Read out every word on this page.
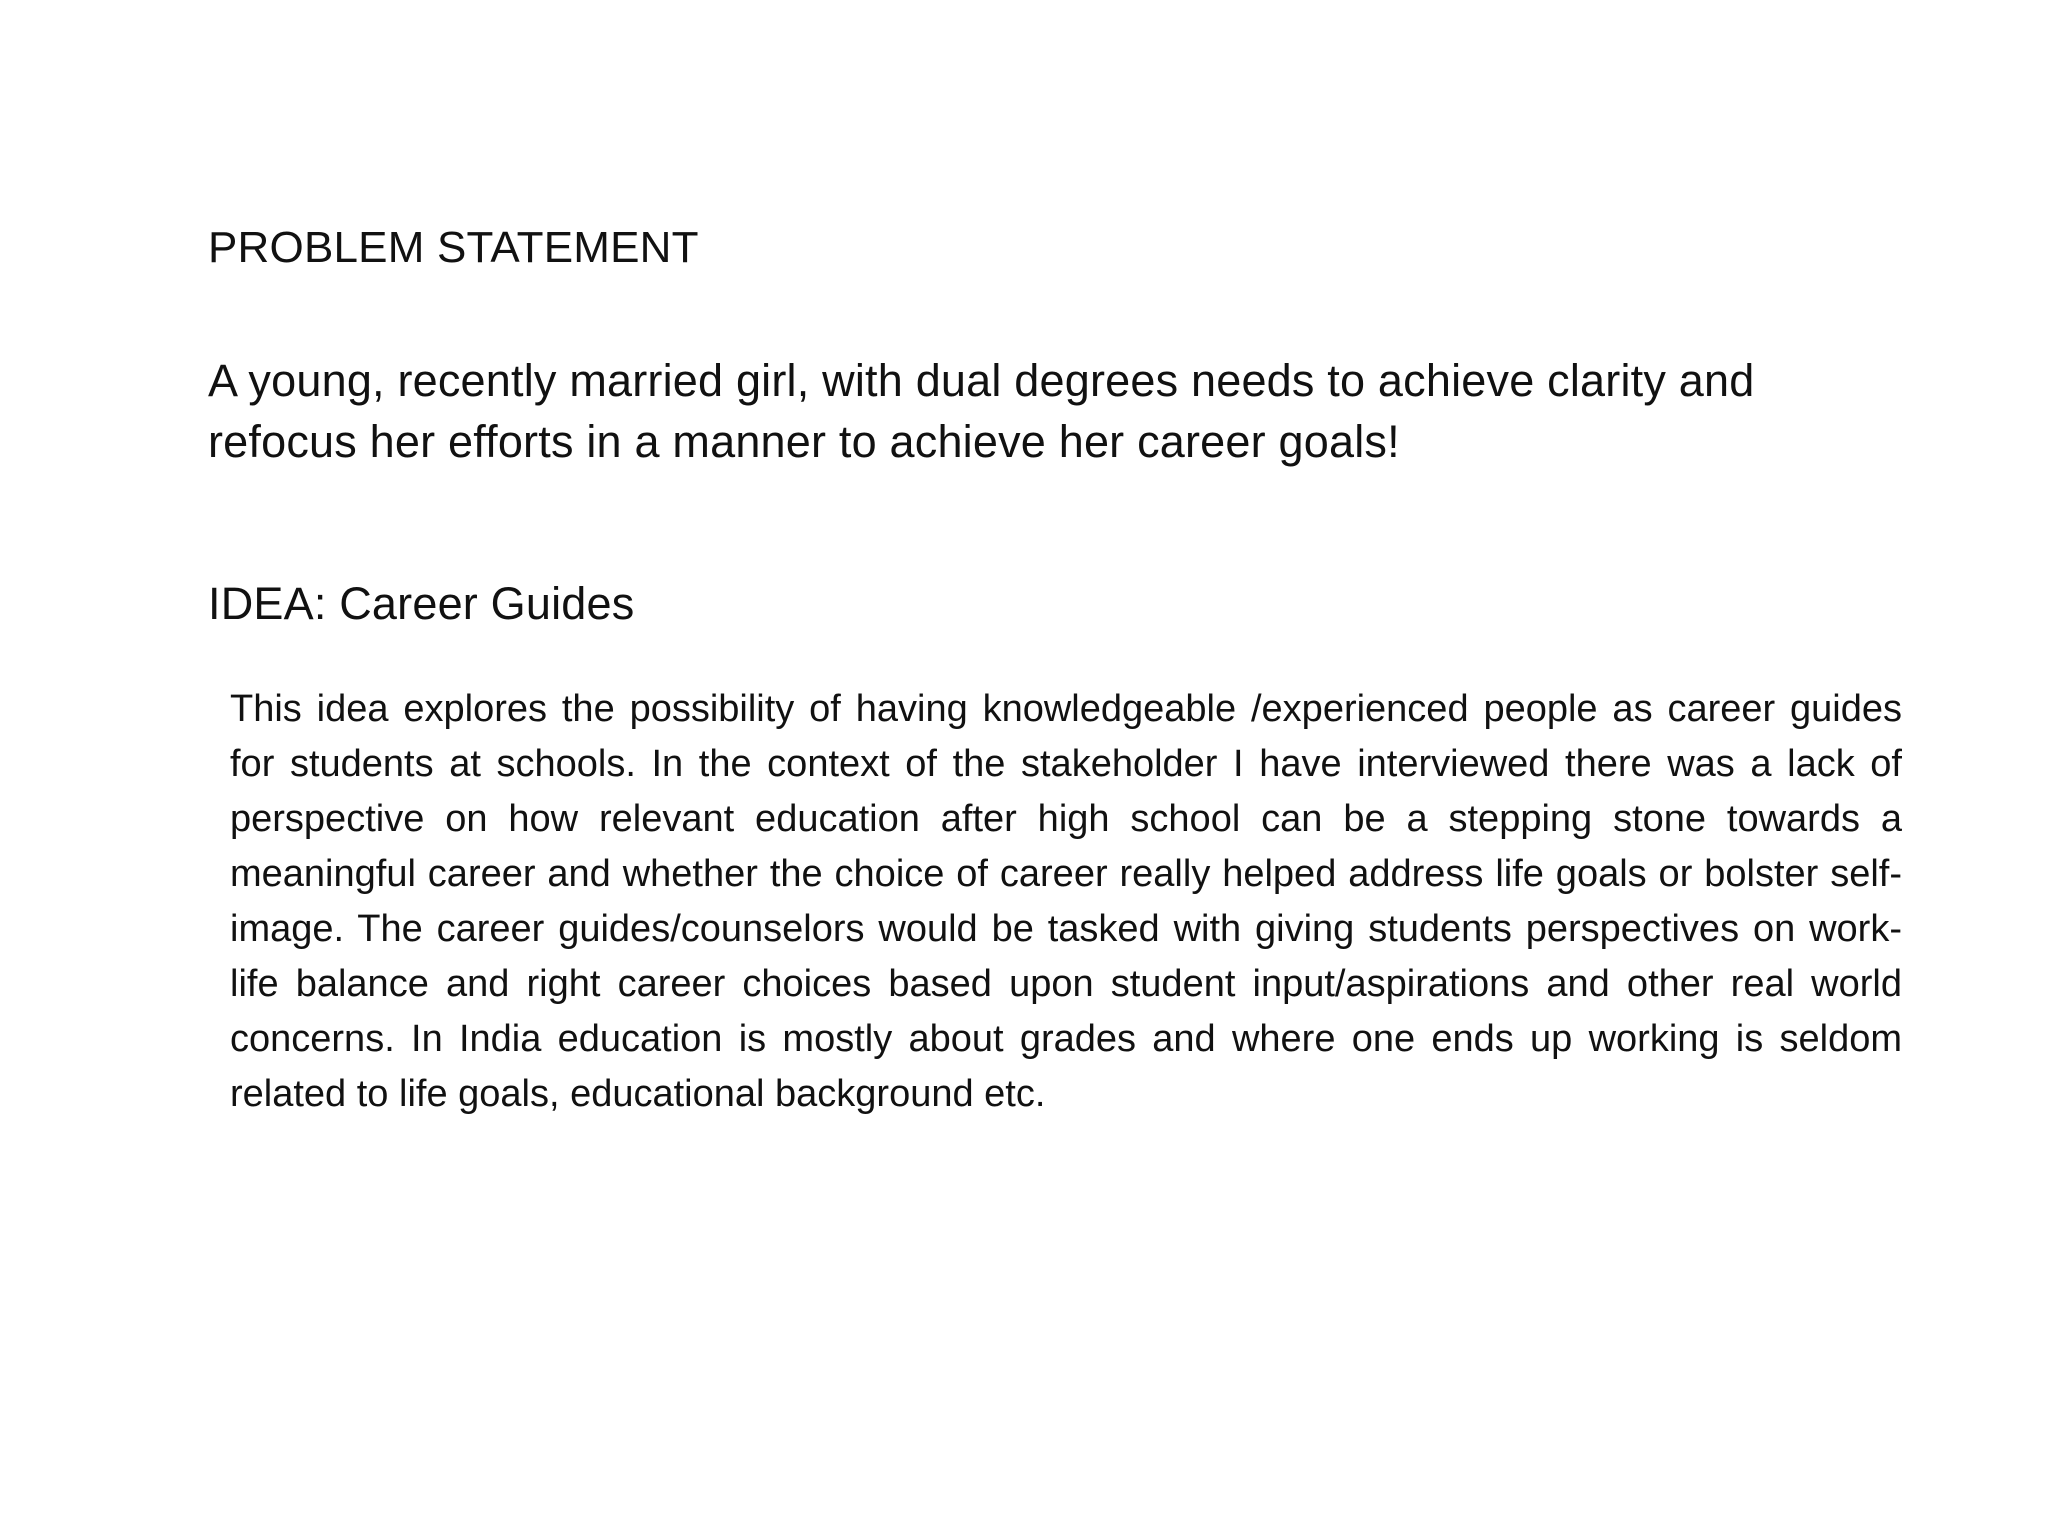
PROBLEM STATEMENT
A young, recently married girl, with dual degrees needs to achieve clarity and
refocus her efforts in a manner to achieve her career goals!
IDEA: Career Guides
This idea explores the possibility of having knowledgeable /experienced people as career guides for students at schools. In the context of the stakeholder I have interviewed there was a lack of perspective on how relevant education after high school can be a stepping stone towards a meaningful career and whether the choice of career really helped address life goals or bolster self-image. The career guides/counselors would be tasked with giving students perspectives on work-life balance and right career choices based upon student input/aspirations and other real world concerns. In India education is mostly about grades and where one ends up working is seldom related to life goals, educational background etc.
